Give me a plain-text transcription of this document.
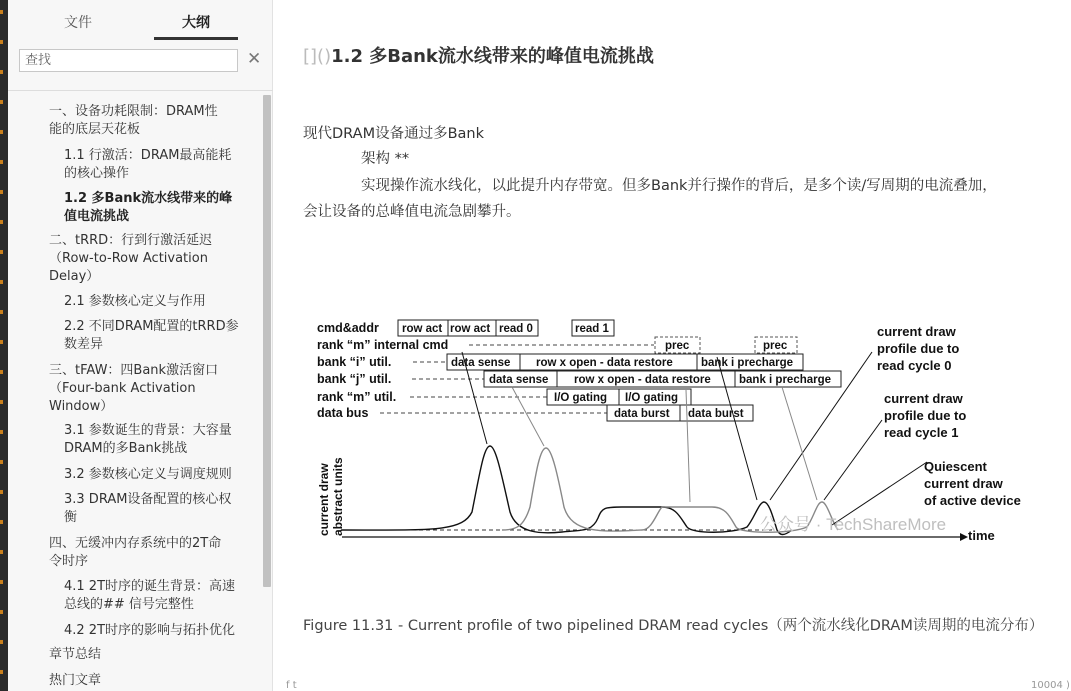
文件	大纲
查找
✕
一、设备功耗限制：DRAM性
能的底层天花板
1.1 行激活：DRAM最高能耗
的核心操作
1.2 多Bank流水线带来的峰
值电流挑战
二、tRRD：行到行激活延迟
（Row-to-Row Activation
Delay）
2.1 参数核心定义与作用
2.2 不同DRAM配置的tRRD参
数差异
三、tFAW：四Bank激活窗口
（Four-bank Activation
Window）
3.1 参数诞生的背景：大容量
DRAM的多Bank挑战
3.2 参数核心定义与调度规则
3.3 DRAM设备配置的核心权
衡
四、无缓冲内存系统中的2T命
令时序
4.1 2T时序的诞生背景：高速
总线的## 信号完整性
4.2 2T时序的影响与拓扑优化
章节总结
热门文章
[]()1.2 多Bank流水线带来的峰值电流挑战

现代DRAM设备通过多Bank

架构 **

实现操作流水线化，以此提升内存带宽。但多Bank并行操作的背后，是多个读/写周期的电流叠加，

会让设备的总峰值电流急剧攀升。

cmd&addr
rank “m” internal cmd
bank “i” util.
bank “j” util.
rank “m” util.
data bus
row act row act read 0	read 1
prec	prec
data sense row x open - data restore bank i precharge
data sense row x open - data restore bank i precharge
I/O gating I/O gating
data burst data burst
time
current draw abstract units
current draw
profile due to
read cycle 0
current draw
profile due to
read cycle 1
Quiescent
current draw
of active device
公众号 · TechShareMore

Figure 11.31 - Current profile of two pipelined DRAM read cycles（两个流水线化DRAM读周期的电流分布）

f t	10004 )
